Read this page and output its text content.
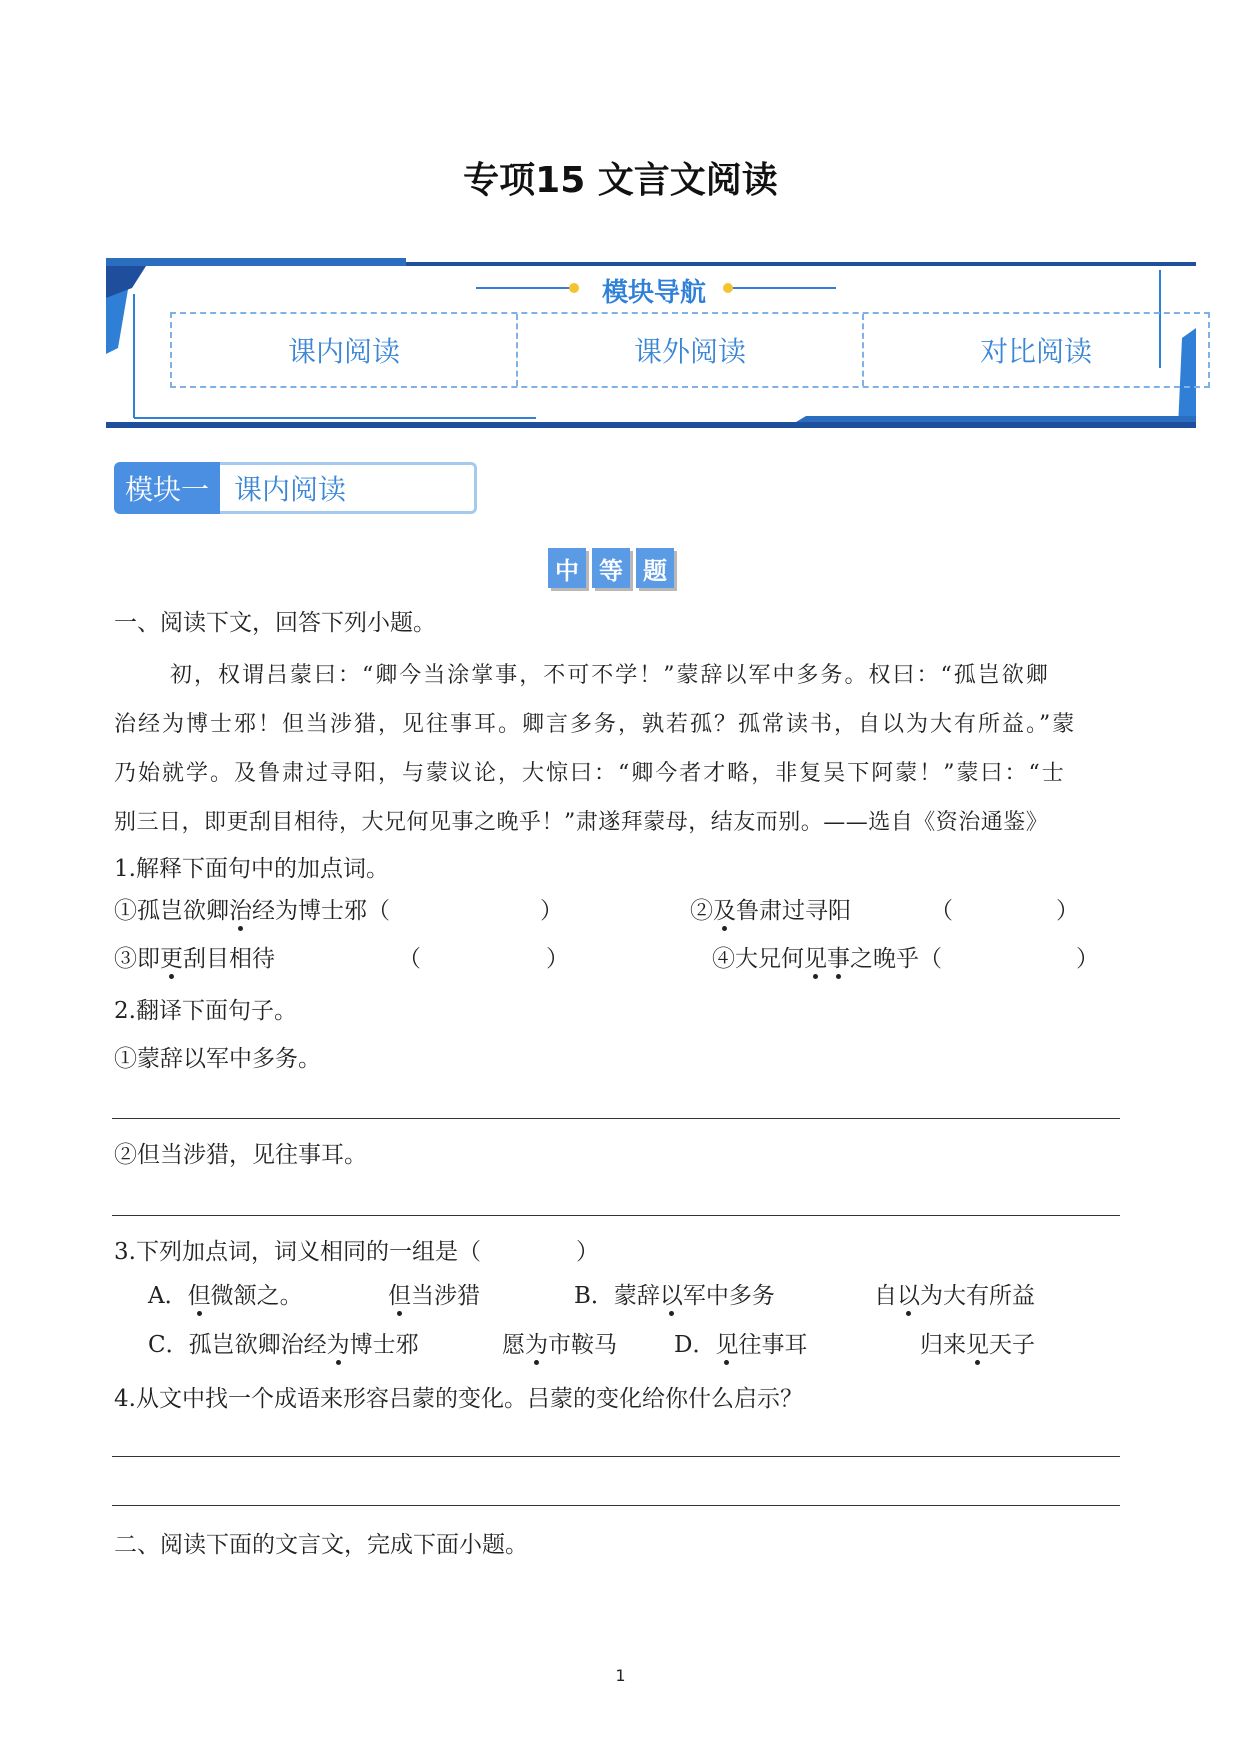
专项15 文言文阅读
模块导航
课内阅读	课外阅读	对比阅读
模块一 课内阅读
中 等 题
一、阅读下文，回答下列小题。
初，权谓吕蒙曰：“卿今当涂掌事，不可不学！”蒙辞以军中多务。权曰：“孤岂欲卿
治经为博士邪！但当涉猎，见往事耳。卿言多务，孰若孤？孤常读书，自以为大有所益。”蒙
乃始就学。及鲁肃过寻阳，与蒙议论，大惊曰：“卿今者才略，非复吴下阿蒙！”蒙曰：“士
别三日，即更刮目相待，大兄何见事之晚乎！”肃遂拜蒙母，结友而别。——选自《资治通鉴》
1.解释下面句中的加点词。
①孤岂欲卿治经为博士邪（	）	②及鲁肃过寻阳	（	）
③即更刮目相待	（	）	④大兄何见事之晚乎（	）
2.翻译下面句子。
①蒙辞以军中多务。
②但当涉猎，见往事耳。
3.下列加点词，词义相同的一组是（	）
A．但微颔之。	但当涉猎	B．蒙辞以军中多务	自以为大有所益
C．孤岂欲卿治经为博士邪	愿为市鞍马 D．见往事耳	归来见天子
4.从文中找一个成语来形容吕蒙的变化。吕蒙的变化给你什么启示？
二、阅读下面的文言文，完成下面小题。
1
